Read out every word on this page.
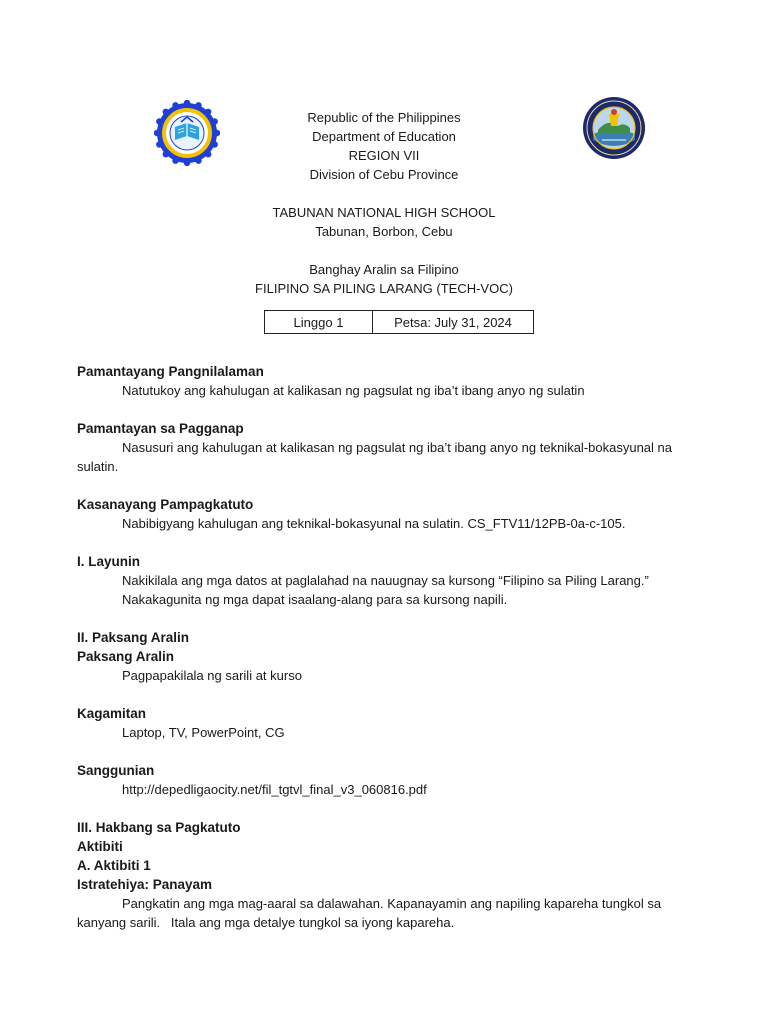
Republic of the Philippines
Department of Education
REGION VII
Division of Cebu Province
TABUNAN NATIONAL HIGH SCHOOL
Tabunan, Borbon, Cebu
Banghay Aralin sa Filipino
FILIPINO SA PILING LARANG (TECH-VOC)
Linggo 1	Petsa: July 31, 2024
Pamantayang Pangnilalaman
Natutukoy ang kahulugan at kalikasan ng pagsulat ng iba’t ibang anyo ng sulatin
Pamantayan sa Pagganap
Nasusuri ang kahulugan at kalikasan ng pagsulat ng iba’t ibang anyo ng teknikal-bokasyunal na sulatin.
Kasanayang Pampagkatuto
Nabibigyang kahulugan ang teknikal-bokasyunal na sulatin. CS_FTV11/12PB-0a-c-105.
I. Layunin
Nakikilala ang mga datos at paglalahad na nauugnay sa kursong “Filipino sa Piling Larang.”
Nakakagunita ng mga dapat isaalang-alang para sa kursong napili.
II. Paksang Aralin
Paksang Aralin
Pagpapakilala ng sarili at kurso
Kagamitan
Laptop, TV, PowerPoint, CG
Sanggunian
http://depedligaocity.net/fil_tgtvl_final_v3_060816.pdf
III. Hakbang sa Pagkatuto
Aktibiti
A. Aktibiti 1
Istratehiya: Panayam
Pangkatin ang mga mag-aaral sa dalawahan. Kapanayamin ang napiling kapareha tungkol sa kanyang sarili.   Itala ang mga detalye tungkol sa iyong kapareha.
